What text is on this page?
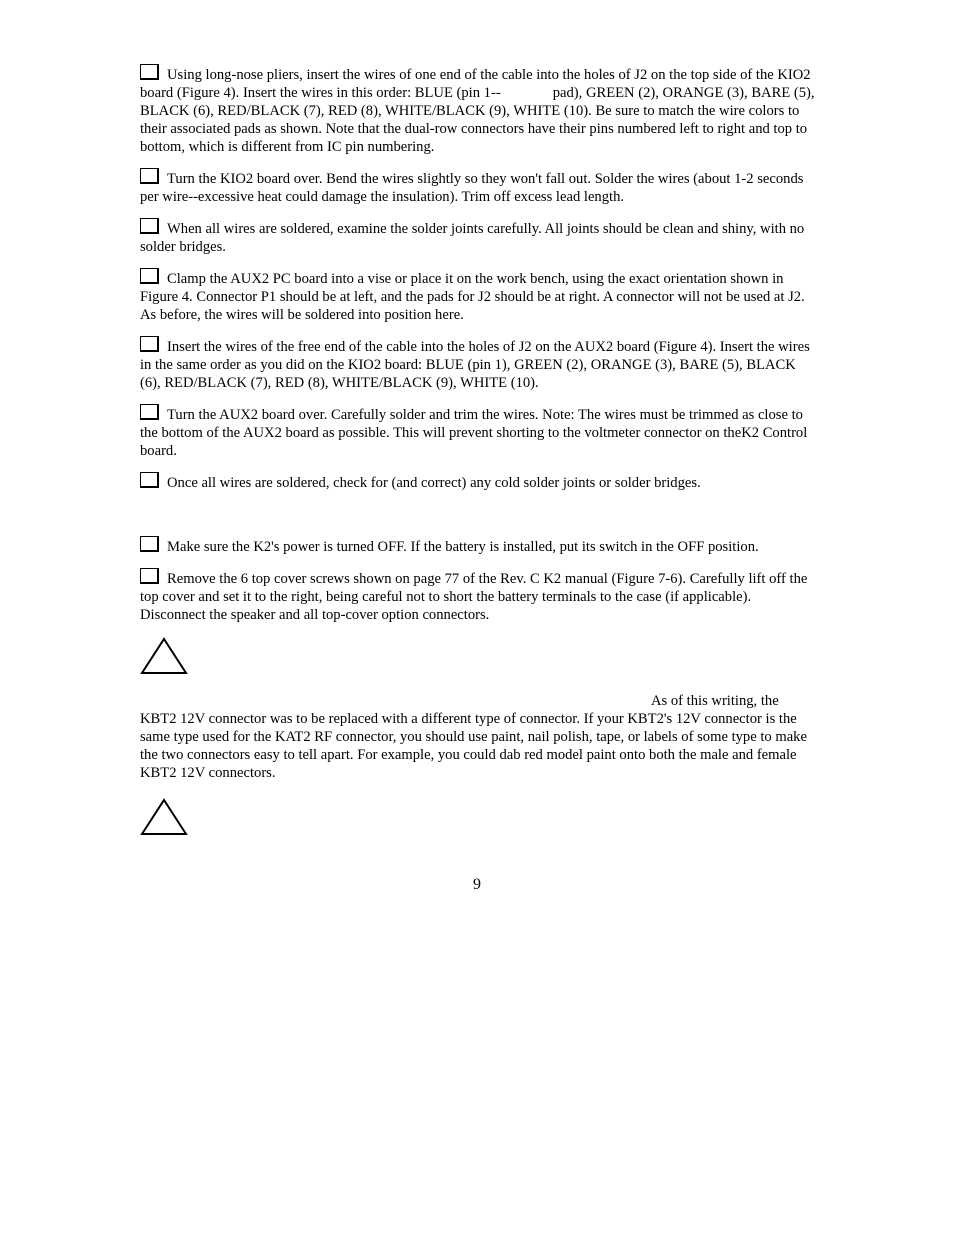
Using long-nose pliers, insert the wires of one end of the cable into the holes of J2 on the top side of the KIO2 board (Figure 4). Insert the wires in this order: BLUE (pin 1--	pad), GREEN (2), ORANGE (3), BARE (5), BLACK (6), RED/BLACK (7), RED (8), WHITE/BLACK (9), WHITE (10). Be sure to match the wire colors to their associated pads as shown. Note that the dual-row connectors have their pins numbered left to right and top to bottom, which is different from IC pin numbering.

Turn the KIO2 board over. Bend the wires slightly so they won't fall out. Solder the wires (about 1-2 seconds per wire--excessive heat could damage the insulation). Trim off excess lead length.

When all wires are soldered, examine the solder joints carefully. All joints should be clean and shiny, with no solder bridges.

Clamp the AUX2 PC board into a vise or place it on the work bench, using the exact orientation shown in Figure 4. Connector P1 should be at left, and the pads for J2 should be at right. A connector will not be used at J2. As before, the wires will be soldered into position here.

Insert the wires of the free end of the cable into the holes of J2 on the AUX2 board (Figure 4). Insert the wires in the same order as you did on the KIO2 board: BLUE (pin 1), GREEN (2), ORANGE (3), BARE (5), BLACK (6), RED/BLACK (7), RED (8), WHITE/BLACK (9), WHITE (10).

Turn the AUX2 board over. Carefully solder and trim the wires. Note: The wires must be trimmed as close to the bottom of the AUX2 board as possible. This will prevent shorting to the voltmeter connector on theK2 Control board.

Once all wires are soldered, check for (and correct) any cold solder joints or solder bridges.

Make sure the K2's power is turned OFF. If the battery is installed, put its switch in the OFF position.

Remove the 6 top cover screws shown on page 77 of the Rev. C K2 manual (Figure 7-6). Carefully lift off the top cover and set it to the right, being careful not to short the battery terminals to the case (if applicable). Disconnect the speaker and all top-cover option connectors.

As of this writing, the KBT2 12V connector was to be replaced with a different type of connector. If your KBT2's 12V connector is the same type used for the KAT2 RF connector, you should use paint, nail polish, tape, or labels of some type to make the two connectors easy to tell apart. For example, you could dab red model paint onto both the male and female KBT2 12V connectors.

9
